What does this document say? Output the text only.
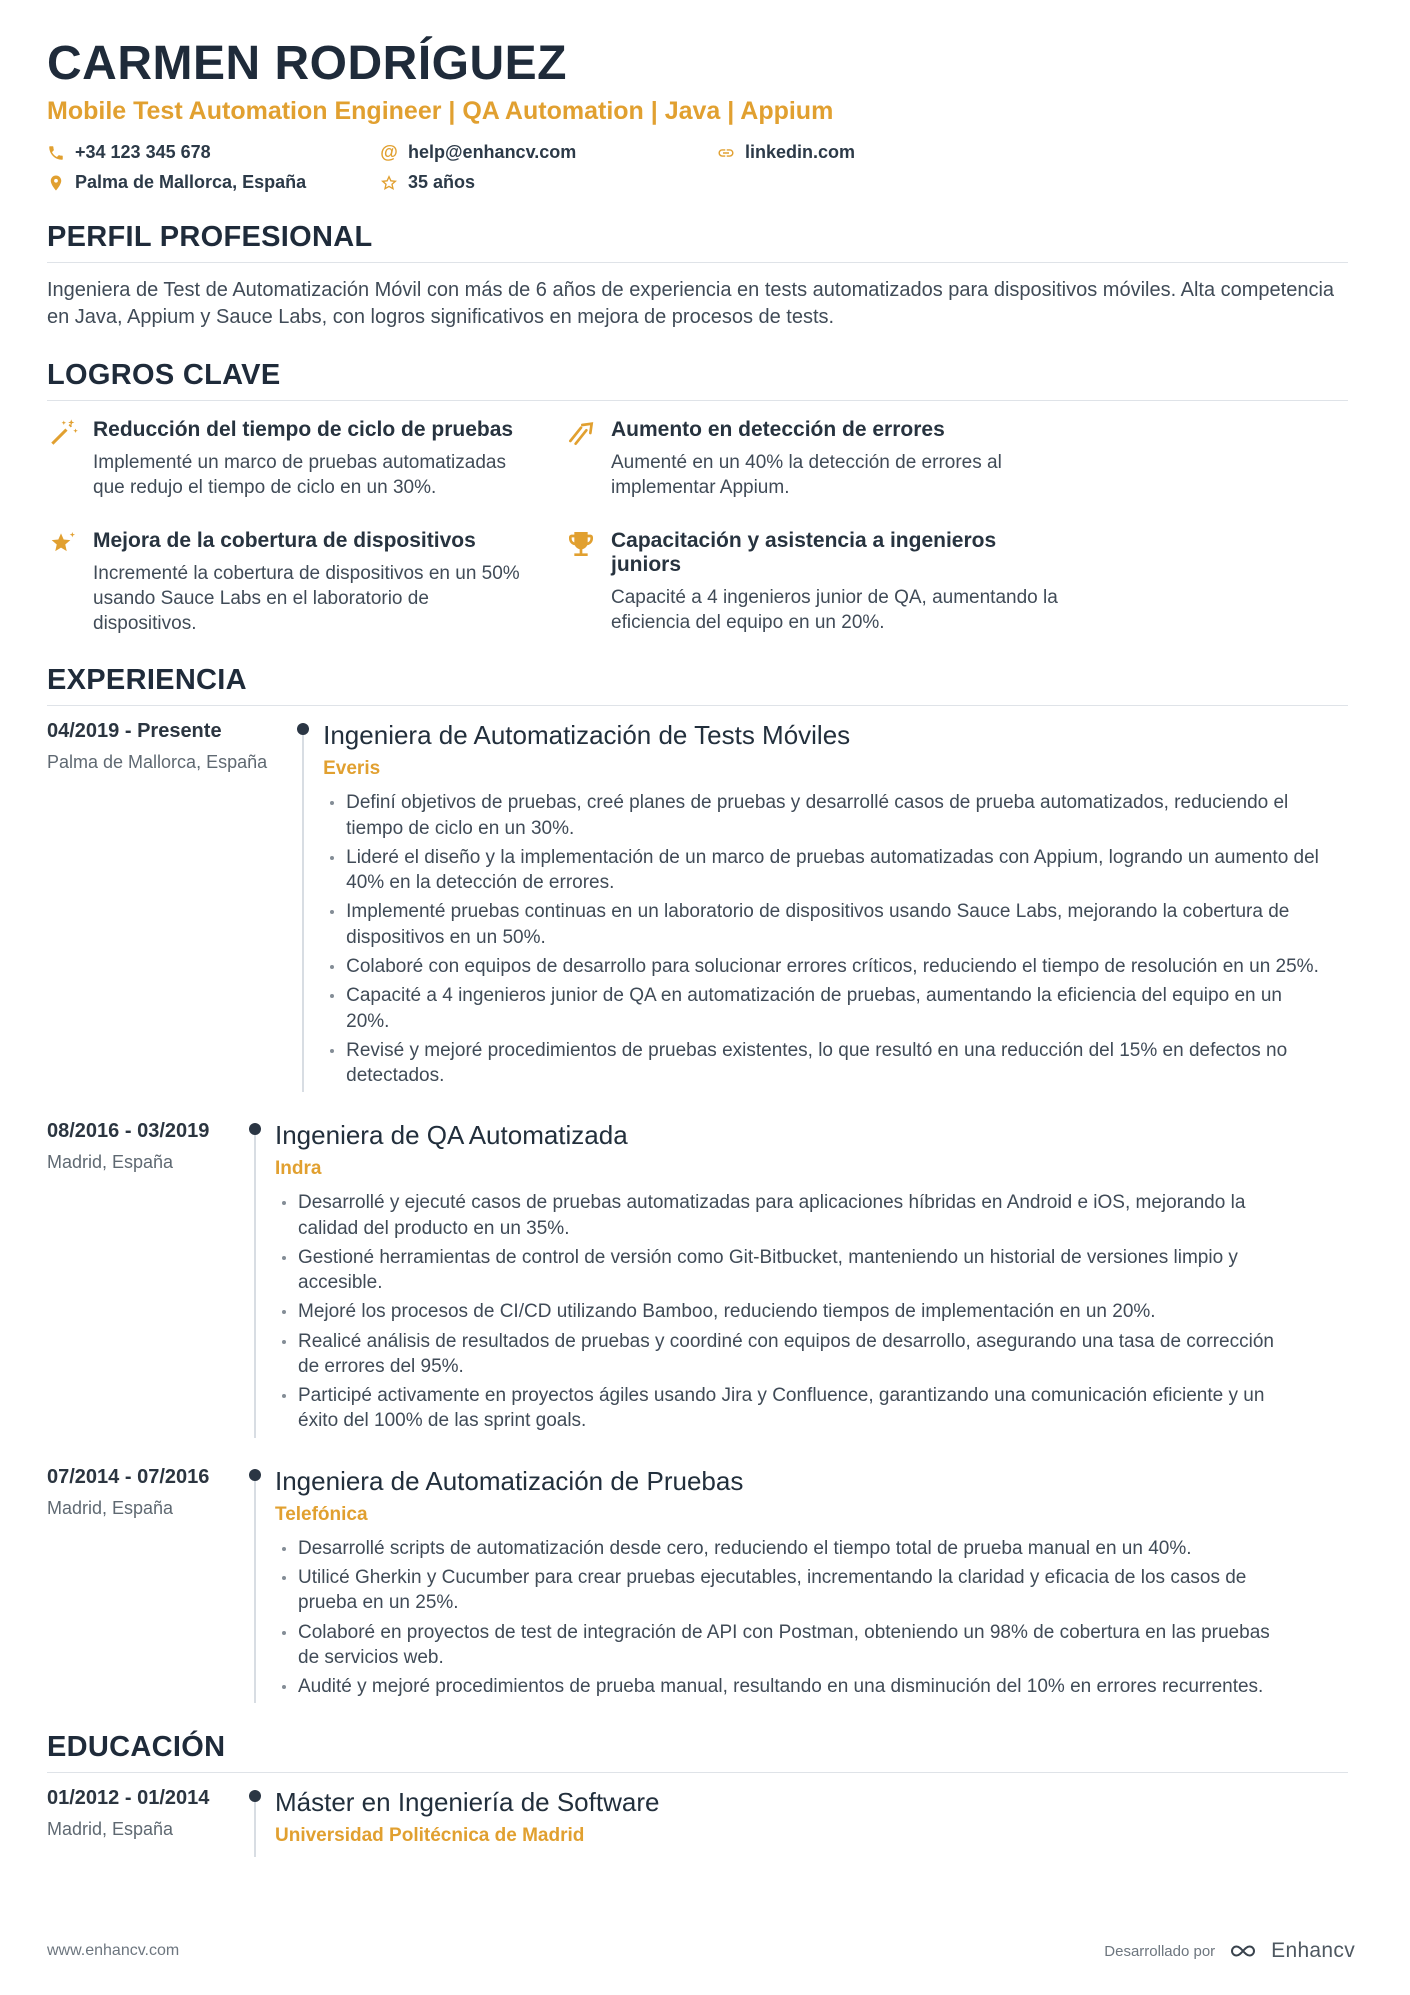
CARMEN RODRÍGUEZ
Mobile Test Automation Engineer | QA Automation | Java | Appium
+34 123 345 678	@ help@enhancv.com	linkedin.com
Palma de Mallorca, España	35 años
PERFIL PROFESIONAL

Ingeniera de Test de Automatización Móvil con más de 6 años de experiencia en tests automatizados para dispositivos móviles. Alta competencia en Java, Appium y Sauce Labs, con logros significativos en mejora de procesos de tests.

LOGROS CLAVE
Reducción del tiempo de ciclo de pruebas
Implementé un marco de pruebas automatizadas que redujo el tiempo de ciclo en un 30%.
Aumento en detección de errores
Aumenté en un 40% la detección de errores al implementar Appium.
Mejora de la cobertura de dispositivos
Incrementé la cobertura de dispositivos en un 50% usando Sauce Labs en el laboratorio de dispositivos.
Capacitación y asistencia a ingenieros juniors
Capacité a 4 ingenieros junior de QA, aumentando la eficiencia del equipo en un 20%.
EXPERIENCIA
04/2019 - Presente
Palma de Mallorca, España
Ingeniera de Automatización de Tests Móviles
Everis
Definí objetivos de pruebas, creé planes de pruebas y desarrollé casos de prueba automatizados, reduciendo el tiempo de ciclo en un 30%.
Lideré el diseño y la implementación de un marco de pruebas automatizadas con Appium, logrando un aumento del 40% en la detección de errores.
Implementé pruebas continuas en un laboratorio de dispositivos usando Sauce Labs, mejorando la cobertura de dispositivos en un 50%.
Colaboré con equipos de desarrollo para solucionar errores críticos, reduciendo el tiempo de resolución en un 25%.
Capacité a 4 ingenieros junior de QA en automatización de pruebas, aumentando la eficiencia del equipo en un 20%.
Revisé y mejoré procedimientos de pruebas existentes, lo que resultó en una reducción del 15% en defectos no detectados.
08/2016 - 03/2019
Madrid, España
Ingeniera de QA Automatizada
Indra
Desarrollé y ejecuté casos de pruebas automatizadas para aplicaciones híbridas en Android e iOS, mejorando la calidad del producto en un 35%.
Gestioné herramientas de control de versión como Git-Bitbucket, manteniendo un historial de versiones limpio y accesible.
Mejoré los procesos de CI/CD utilizando Bamboo, reduciendo tiempos de implementación en un 20%.
Realicé análisis de resultados de pruebas y coordiné con equipos de desarrollo, asegurando una tasa de corrección de errores del 95%.
Participé activamente en proyectos ágiles usando Jira y Confluence, garantizando una comunicación eficiente y un éxito del 100% de las sprint goals.
07/2014 - 07/2016
Madrid, España
Ingeniera de Automatización de Pruebas
Telefónica
Desarrollé scripts de automatización desde cero, reduciendo el tiempo total de prueba manual en un 40%.
Utilicé Gherkin y Cucumber para crear pruebas ejecutables, incrementando la claridad y eficacia de los casos de prueba en un 25%.
Colaboré en proyectos de test de integración de API con Postman, obteniendo un 98% de cobertura en las pruebas de servicios web.
Audité y mejoré procedimientos de prueba manual, resultando en una disminución del 10% en errores recurrentes.
EDUCACIÓN
01/2012 - 01/2014
Madrid, España
Máster en Ingeniería de Software
Universidad Politécnica de Madrid
www.enhancv.com	Desarrollado por	Enhancv
